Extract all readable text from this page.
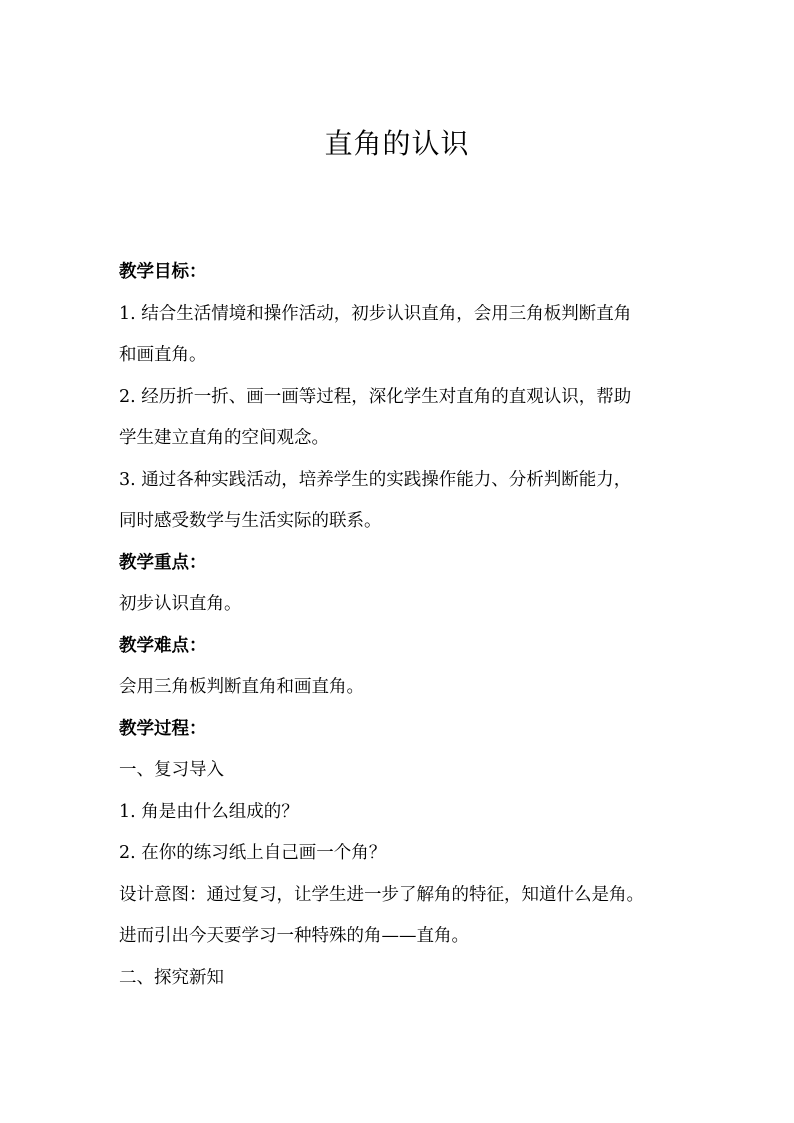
直角的认识
教学目标：
1. 结合生活情境和操作活动，初步认识直角，会用三角板判断直角
和画直角。
2. 经历折一折、画一画等过程，深化学生对直角的直观认识，帮助
学生建立直角的空间观念。
3. 通过各种实践活动，培养学生的实践操作能力、分析判断能力，
同时感受数学与生活实际的联系。
教学重点：
初步认识直角。
教学难点：
会用三角板判断直角和画直角。
教学过程：
一、复习导入
1. 角是由什么组成的？
2. 在你的练习纸上自己画一个角？
设计意图：通过复习，让学生进一步了解角的特征，知道什么是角。
进而引出今天要学习一种特殊的角——直角。
二、探究新知
